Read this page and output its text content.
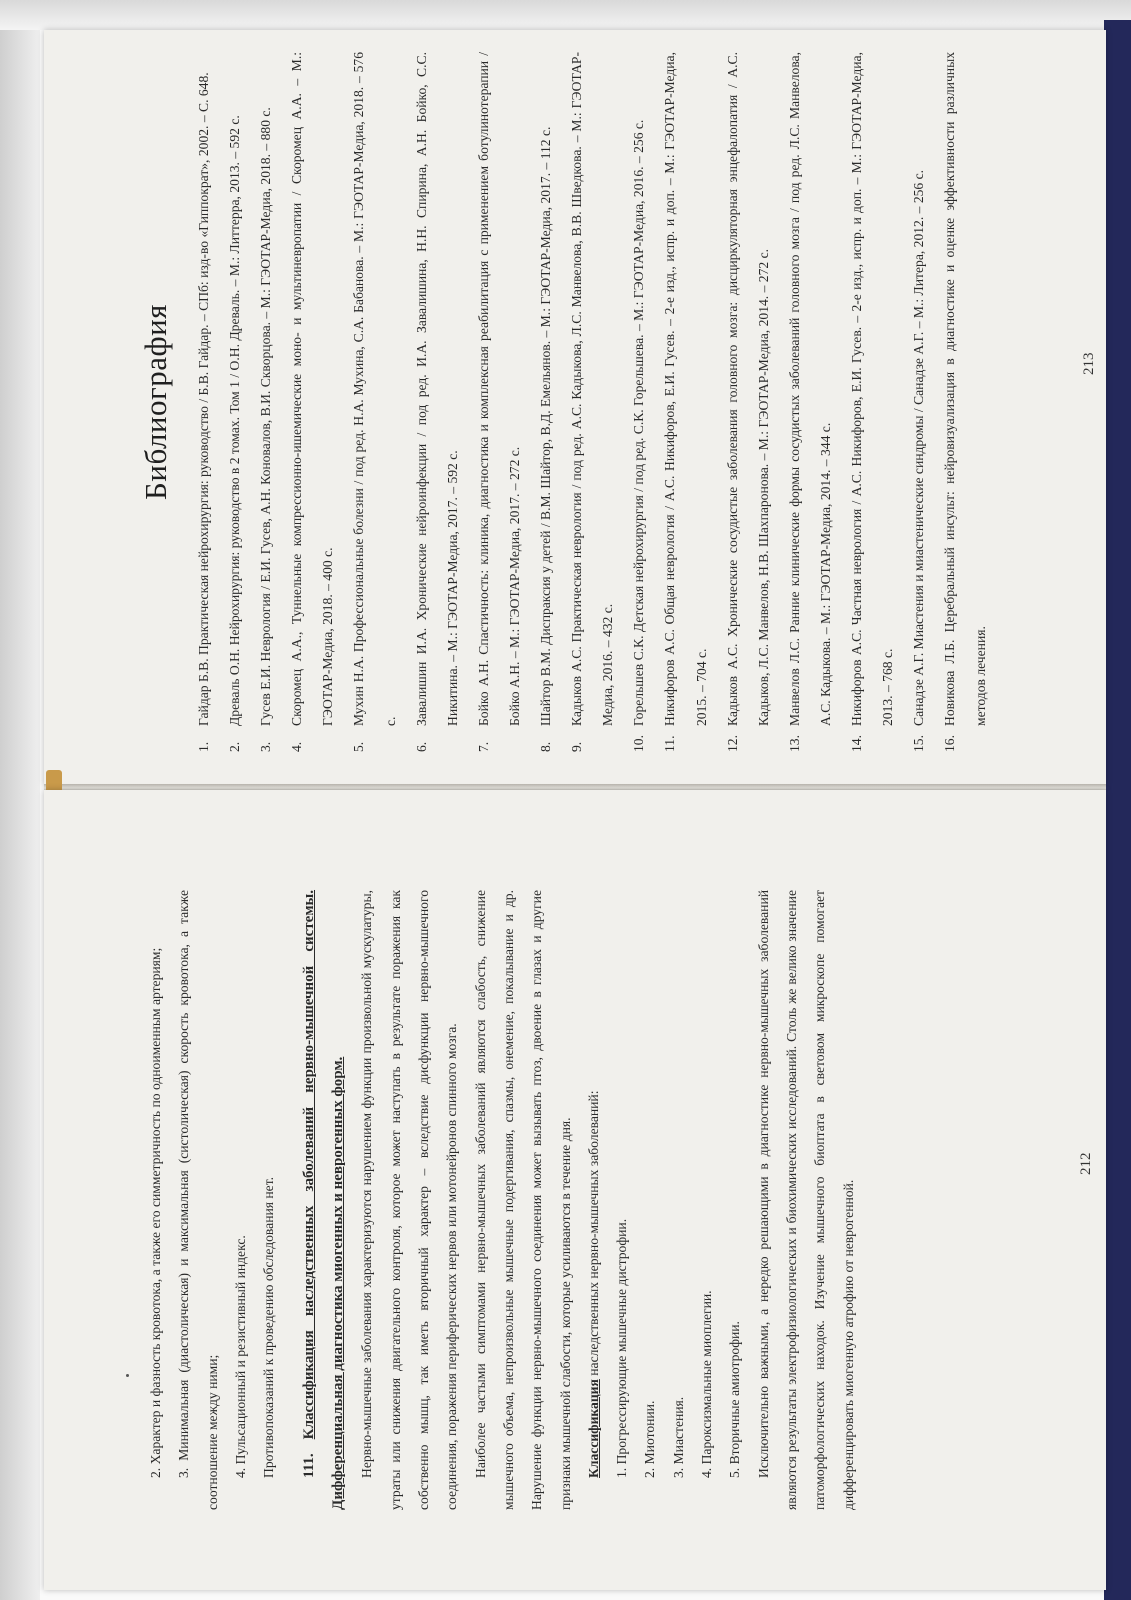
Библиография
1.
Гайдар Б.В. Практическая нейрохирургия: руководство / Б.В. Гайдар. – СПб: изд-во «Гиппократ», 2002. – С. 648.
2.
Древаль О.Н. Нейрохирургия: руководство в 2 томах. Том 1 / О.Н. Древаль. – М.: Литтерра, 2013. – 592 с.
3.
Гусев Е.И. Неврология / Е.И. Гусев, А.Н. Коновалов, В.И. Скворцова. – М.: ГЭОТАР-Медиа, 2018. – 880 с.
4.
Скоромец А.А., Туннельные компрессионно-ишемические моно- и мультиневропатии / Скоромец А.А. – М.: ГЭОТАР-Медиа, 2018. – 400 с.
5.
Мухин Н.А. Профессиональные болезни / под ред. Н.А. Мухина, С.А. Бабанова. – М.: ГЭОТАР-Медиа, 2018. – 576 с.
6.
Завалишин И.А. Хронические нейроинфекции / под ред. И.А. Завалишина, Н.Н. Спирина, А.Н. Бойко, С.С. Никитина. – М.: ГЭОТАР-Медиа, 2017. – 592 с.
7.
Бойко А.Н. Спастичность: клиника, диагностика и комплексная реабилитация с применением ботулинотерапии / Бойко А.Н. – М.: ГЭОТАР-Медиа, 2017. – 272 с.
8.
Шайтор В.М. Диспраксия у детей / В.М. Шайтор, В.Д. Емельянов. – М.: ГЭОТАР-Медиа, 2017. – 112 с.
9.
Кадыков А.С. Практическая неврология / под ред. А.С. Кадыкова, Л.С. Манвелова, В.В. Шведкова. – М.: ГЭОТАР-Медиа, 2016. – 432 с.
10.
Горельшев С.К. Детская нейрохирургия / под ред. С.К. Горельшева. – М.: ГЭОТАР-Медиа, 2016. – 256 с.
11.
Никифоров А.С. Общая неврология / А.С. Никифоров, Е.И. Гусев. – 2-е изд., испр. и доп. – М.: ГЭОТАР-Медиа, 2015. – 704 с.
12.
Кадыков А.С. Хронические сосудистые заболевания головного мозга: дисциркуляторная энцефалопатия / А.С. Кадыков, Л.С. Манвелов, Н.В. Шахпаронова. – М.: ГЭОТАР-Медиа, 2014. – 272 с.
13.
Манвелов Л.С. Ранние клинические формы сосудистых заболеваний головного мозга / под ред. Л.С. Манвелова, А.С. Кадыкова. – М.: ГЭОТАР-Медиа, 2014. – 344 с.
14.
Никифоров А.С. Частная неврология / А.С. Никифоров, Е.И. Гусев. – 2-е изд., испр. и доп. – М.: ГЭОТАР-Медиа, 2013. – 768 с.
15.
Санадзе А.Г. Миастения и миастенические синдромы / Санадзе А.Г. – М.: Литера, 2012. – 256 с.
16.
Новикова Л.Б. Церебральный инсульт: нейровизуализация в диагностике и оценке эффективности различных методов лечения.
213

2. Характер и фазность кровотока, а также его симметричность по одноименным артериям; 3. Минимальная (диастолическая) и максимальная (систолическая) скорость кровотока, а также соотношение между ними; 4. Пульсационный и резистивный индекс. Противопоказаний к проведению обследования нет.	111. Классификация наследственных заболеваний нервно-мышечной системы. Дифференциальная диагностика миогенных и неврогенных форм. Нервно-мышечные заболевания характеризуются нарушением функции произвольной мускулатуры, утраты или снижения двигательного контроля, которое может наступать в результате поражения как собственно мышц, так иметь вторичный характер – вследствие дисфункции нервно-мышечного соединения, поражения периферических нервов или мотонейронов спинного мозга. Наиболее частыми симптомами нервно-мышечных заболеваний являются слабость, снижение мышечного объема, непроизвольные мышечные подергивания, спазмы, онемение, покалывание и др. Нарушение функции нервно-мышечного соединения может вызывать птоз, двоение в глазах и другие признаки мышечной слабости, которые усиливаются в течение дня. Классификация наследственных нервно-мышечных заболеваний: 1. Прогрессирующие мышечные дистрофии. 2. Миотонии. 3. Миастения. 4. Пароксизмальные миоплегии. 5. Вторичные амиотрофии. Исключительно важными, а нередко решающими в диагностике нервно-мышечных заболеваний являются результаты электрофизиологических и биохимических исследований. Столь же велико значение патоморфологических находок. Изучение мышечного биоптата в световом микроскопе помогает дифференцировать миогенную атрофию от неврогенной.

212
